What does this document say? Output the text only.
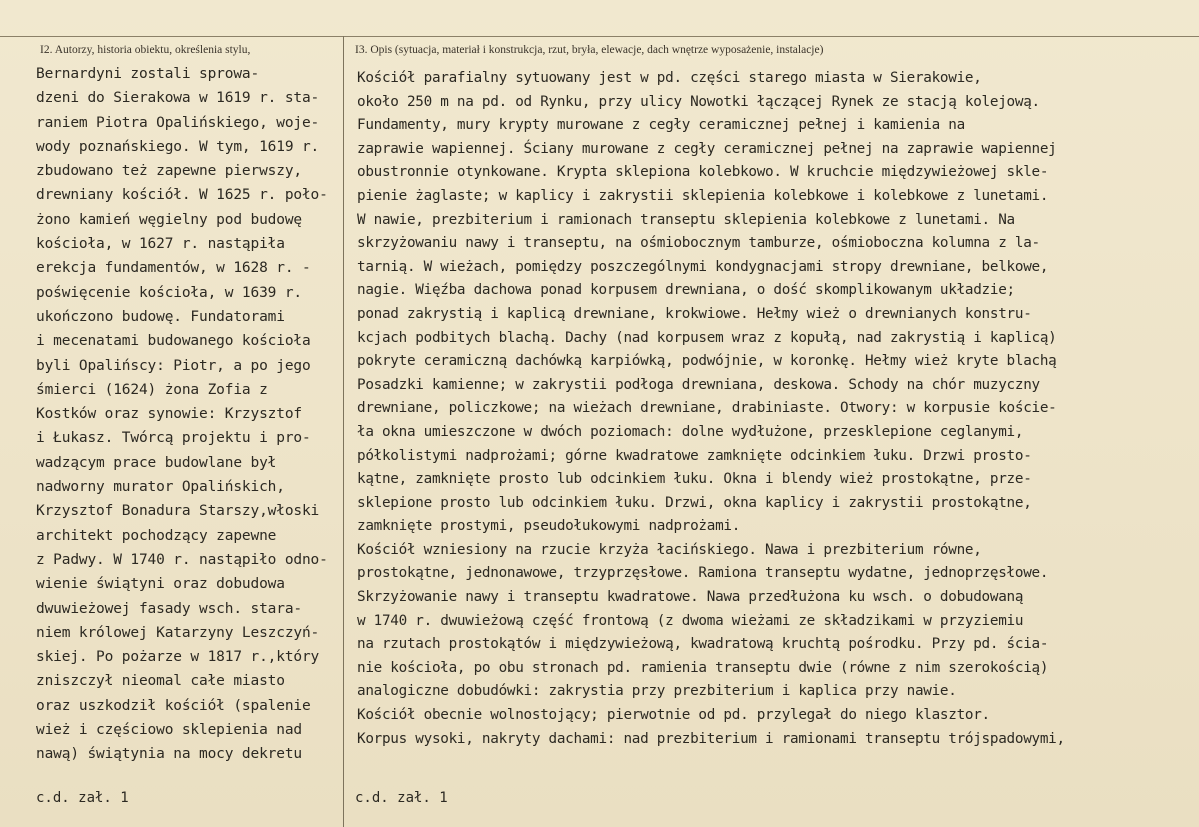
I2. Autorzy, historia obiektu, określenia stylu,	I3. Opis (sytuacja, materiał i konstrukcja, rzut, bryła, elewacje, dach wnętrze wyposażenie, instalacje)

Bernardyni zostali sprowa-
dzeni do Sierakowa w 1619 r. sta-
raniem Piotra Opalińskiego, woje-
wody poznańskiego. W tym, 1619 r.
zbudowano też zapewne pierwszy,
drewniany kościół. W 1625 r. poło-
żono kamień węgielny pod budowę
kościoła, w 1627 r. nastąpiła
erekcja fundamentów, w 1628 r. -
poświęcenie kościoła, w 1639 r.
ukończono budowę. Fundatorami
i mecenatami budowanego kościoła
byli Opalińscy: Piotr, a po jego
śmierci (1624) żona Zofia z
Kostków oraz synowie: Krzysztof
i Łukasz. Twórcą projektu i pro-
wadzącym prace budowlane był
nadworny murator Opalińskich,
Krzysztof Bonadura Starszy,włoski
architekt pochodzący zapewne
z Padwy. W 1740 r. nastąpiło odno-
wienie świątyni oraz dobudowa
dwuwieżowej fasady wsch. stara-
niem królowej Katarzyny Leszczyń-
skiej. Po pożarze w 1817 r.,który
zniszczył nieomal całe miasto
oraz uszkodził kościół (spalenie
wież i częściowo sklepienia nad
nawą) świątynia na mocy dekretu
Kościół parafialny sytuowany jest w pd. części starego miasta w Sierakowie,
około 250 m na pd. od Rynku, przy ulicy Nowotki łączącej Rynek ze stacją kolejową.
Fundamenty, mury krypty murowane z cegły ceramicznej pełnej i kamienia na
zaprawie wapiennej. Ściany murowane z cegły ceramicznej pełnej na zaprawie wapiennej
obustronnie otynkowane. Krypta sklepiona kolebkowo. W kruchcie międzywieżowej skle-
pienie żaglaste; w kaplicy i zakrystii sklepienia kolebkowe i kolebkowe z lunetami.
W nawie, prezbiterium i ramionach transeptu sklepienia kolebkowe z lunetami. Na
skrzyżowaniu nawy i transeptu, na ośmiobocznym tamburze, ośmioboczna kolumna z la-
tarnią. W wieżach, pomiędzy poszczególnymi kondygnacjami stropy drewniane, belkowe,
nagie. Więźba dachowa ponad korpusem drewniana, o dość skomplikowanym układzie;
ponad zakrystią i kaplicą drewniane, krokwiowe. Hełmy wież o drewnianych konstru-
kcjach podbitych blachą. Dachy (nad korpusem wraz z kopułą, nad zakrystią i kaplicą)
pokryte ceramiczną dachówką karpiówką, podwójnie, w koronkę. Hełmy wież kryte blachą
Posadzki kamienne; w zakrystii podłoga drewniana, deskowa. Schody na chór muzyczny
drewniane, policzkowe; na wieżach drewniane, drabiniaste. Otwory: w korpusie koście-
ła okna umieszczone w dwóch poziomach: dolne wydłużone, przesklepione ceglanymi,
półkolistymi nadprożami; górne kwadratowe zamknięte odcinkiem łuku. Drzwi prosto-
kątne, zamknięte prosto lub odcinkiem łuku. Okna i blendy wież prostokątne, prze-
sklepione prosto lub odcinkiem łuku. Drzwi, okna kaplicy i zakrystii prostokątne,
zamknięte prostymi, pseudołukowymi nadprożami.
Kościół wzniesiony na rzucie krzyża łacińskiego. Nawa i prezbiterium równe,
prostokątne, jednonawowe, trzyprzęsłowe. Ramiona transeptu wydatne, jednoprzęsłowe.
Skrzyżowanie nawy i transeptu kwadratowe. Nawa przedłużona ku wsch. o dobudowaną
w 1740 r. dwuwieżową część frontową (z dwoma wieżami ze składzikami w przyziemiu
na rzutach prostokątów i międzywieżową, kwadratową kruchtą pośrodku. Przy pd. ścia-
nie kościoła, po obu stronach pd. ramienia transeptu dwie (równe z nim szerokością)
analogiczne dobudówki: zakrystia przy prezbiterium i kaplica przy nawie.
Kościół obecnie wolnostojący; pierwotnie od pd. przylegał do niego klasztor.
Korpus wysoki, nakryty dachami: nad prezbiterium i ramionami transeptu trójspadowymi,

c.d. zał. 1	c.d. zał. 1
